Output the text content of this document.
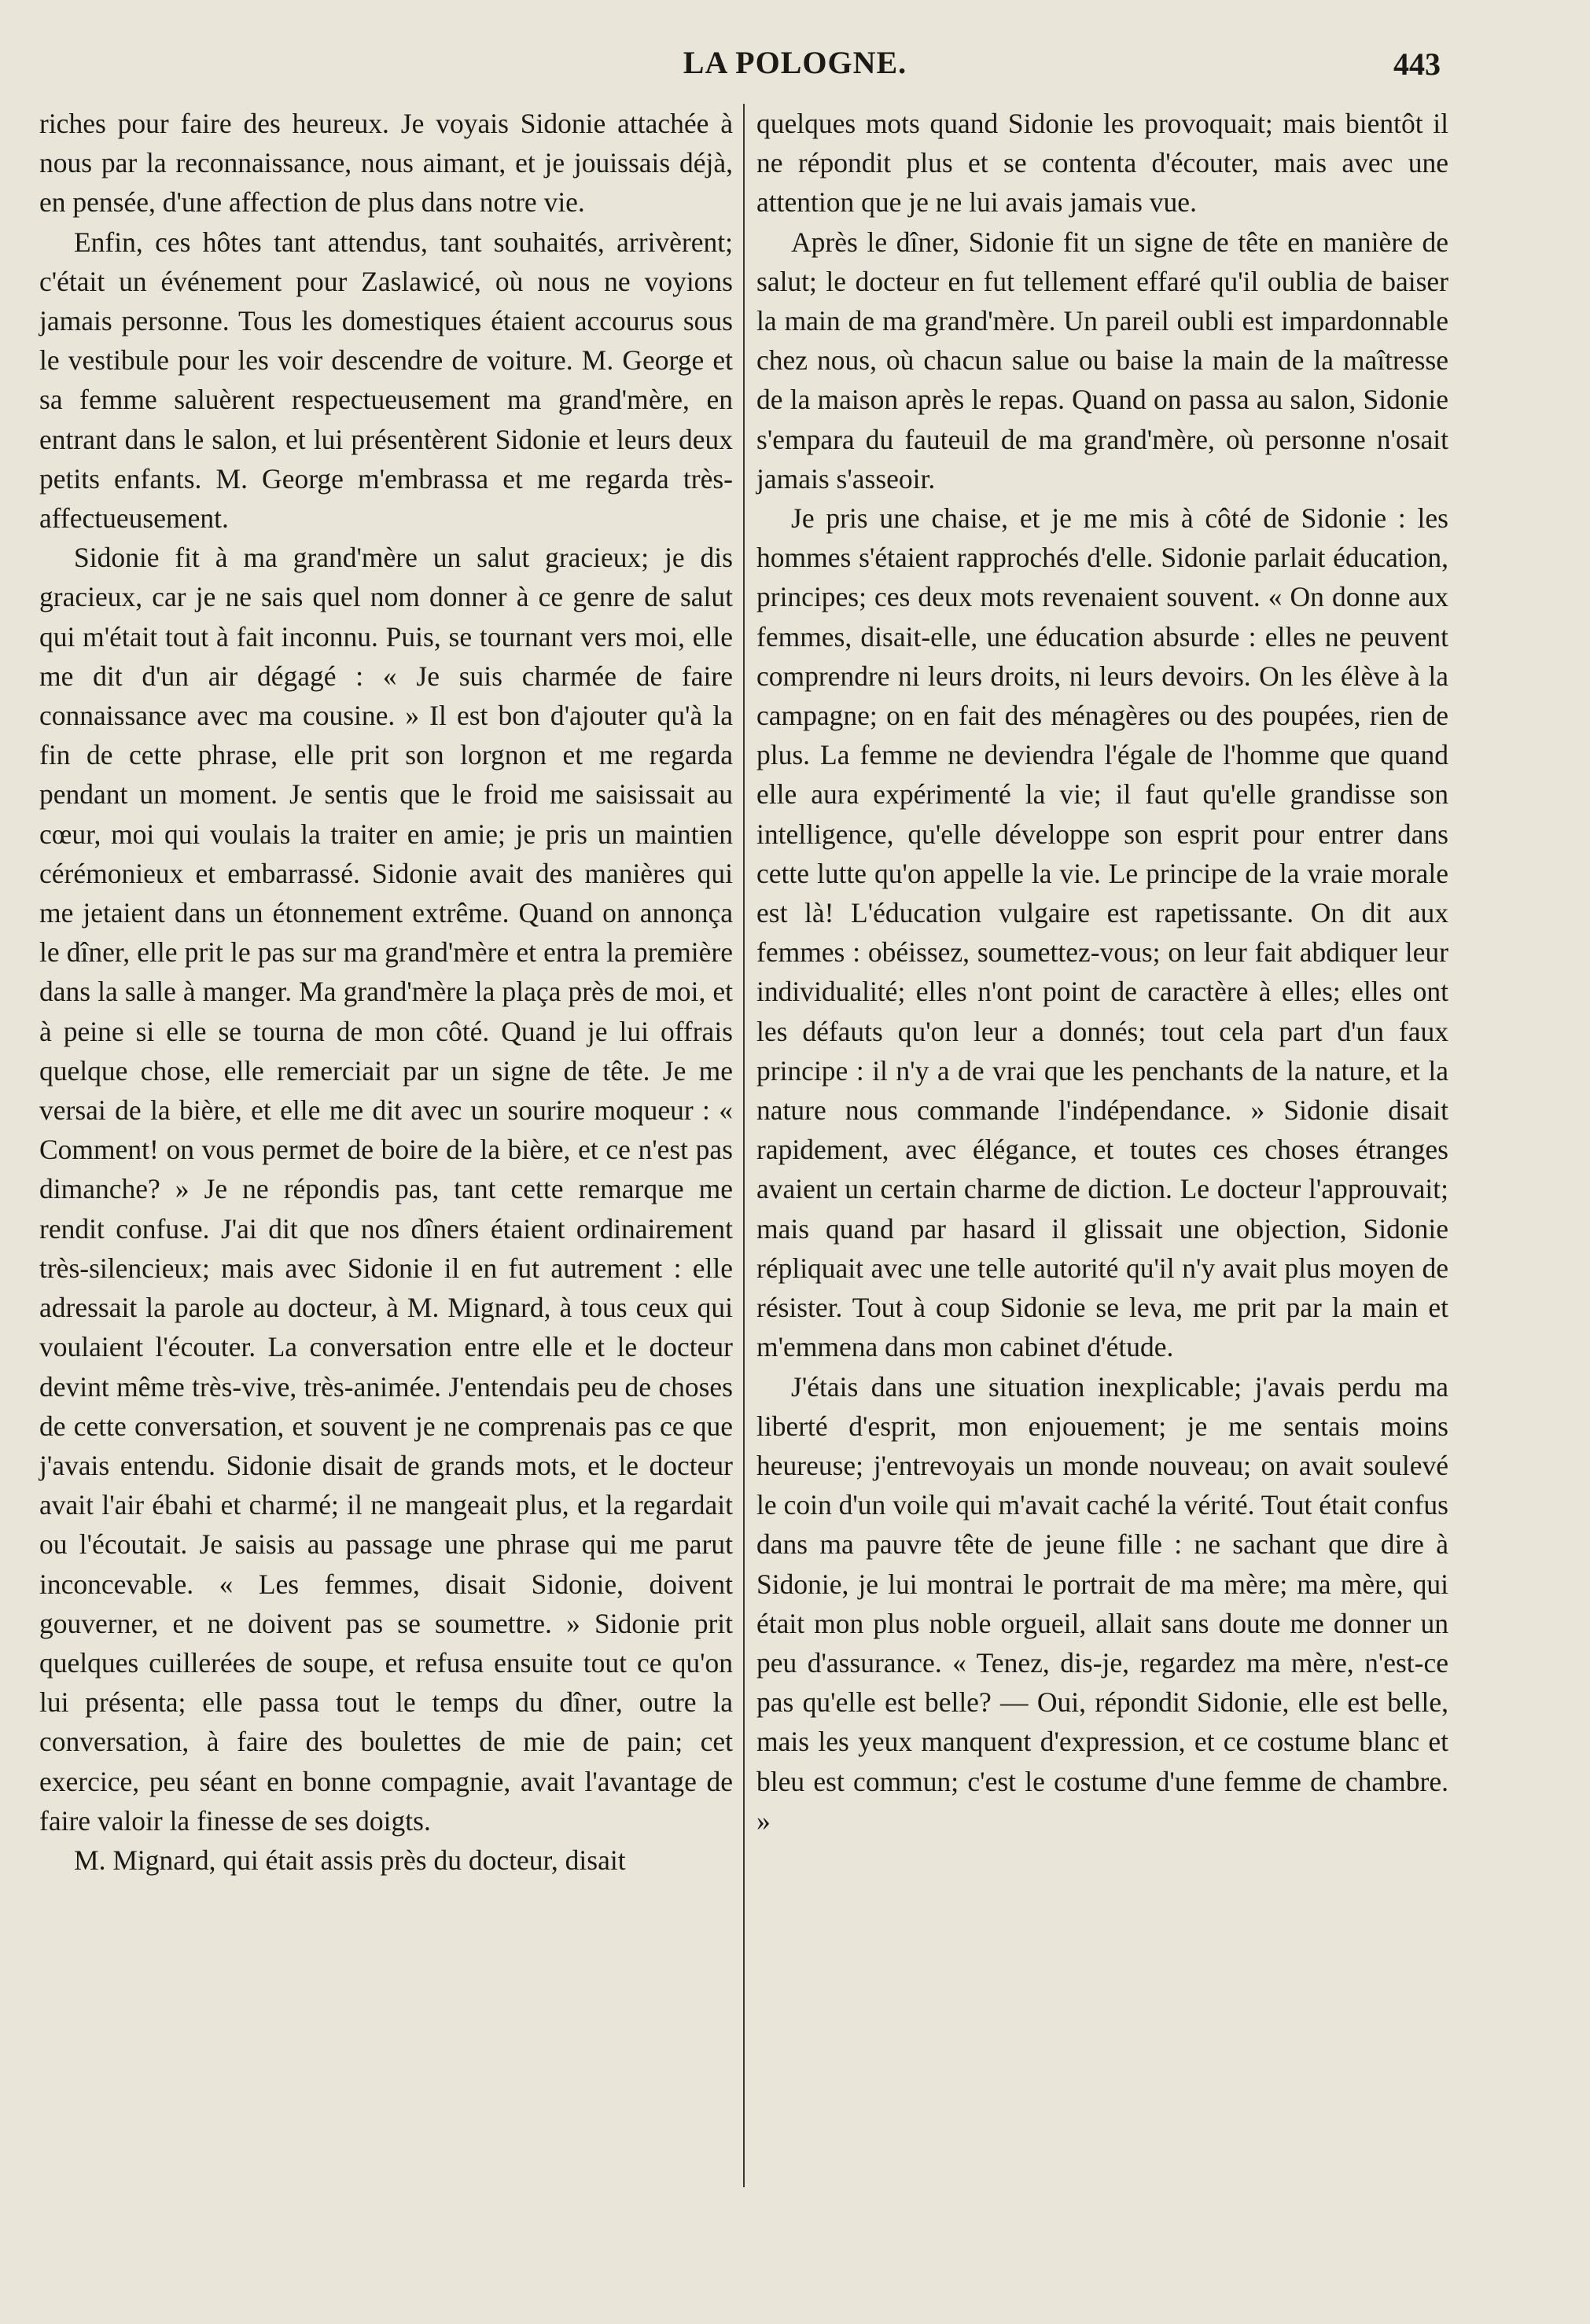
LA POLOGNE.	443

riches pour faire des heureux. Je voyais Sidonie attachée à nous par la reconnaissance, nous aimant, et je jouissais déjà, en pensée, d'une affection de plus dans notre vie.

Enfin, ces hôtes tant attendus, tant souhaités, arrivèrent; c'était un événement pour Zaslawicé, où nous ne voyions jamais personne. Tous les domestiques étaient accourus sous le vestibule pour les voir descendre de voiture. M. George et sa femme saluèrent respectueusement ma grand'mère, en entrant dans le salon, et lui présentèrent Sidonie et leurs deux petits enfants. M. George m'embrassa et me regarda très-affectueusement.

Sidonie fit à ma grand'mère un salut gracieux; je dis gracieux, car je ne sais quel nom donner à ce genre de salut qui m'était tout à fait inconnu. Puis, se tournant vers moi, elle me dit d'un air dégagé : « Je suis charmée de faire connaissance avec ma cousine. » Il est bon d'ajouter qu'à la fin de cette phrase, elle prit son lorgnon et me regarda pendant un moment. Je sentis que le froid me saisissait au cœur, moi qui voulais la traiter en amie; je pris un maintien cérémonieux et embarrassé. Sidonie avait des manières qui me jetaient dans un étonnement extrême. Quand on annonça le dîner, elle prit le pas sur ma grand'mère et entra la première dans la salle à manger. Ma grand'mère la plaça près de moi, et à peine si elle se tourna de mon côté. Quand je lui offrais quelque chose, elle remerciait par un signe de tête. Je me versai de la bière, et elle me dit avec un sourire moqueur : « Comment! on vous permet de boire de la bière, et ce n'est pas dimanche? » Je ne répondis pas, tant cette remarque me rendit confuse. J'ai dit que nos dîners étaient ordinairement très-silencieux; mais avec Sidonie il en fut autrement : elle adressait la parole au docteur, à M. Mignard, à tous ceux qui voulaient l'écouter. La conversation entre elle et le docteur devint même très-vive, très-animée. J'entendais peu de choses de cette conversation, et souvent je ne comprenais pas ce que j'avais entendu. Sidonie disait de grands mots, et le docteur avait l'air ébahi et charmé; il ne mangeait plus, et la regardait ou l'écoutait. Je saisis au passage une phrase qui me parut inconcevable. « Les femmes, disait Sidonie, doivent gouverner, et ne doivent pas se soumettre. » Sidonie prit quelques cuillerées de soupe, et refusa ensuite tout ce qu'on lui présenta; elle passa tout le temps du dîner, outre la conversation, à faire des boulettes de mie de pain; cet exercice, peu séant en bonne compagnie, avait l'avantage de faire valoir la finesse de ses doigts.

M. Mignard, qui était assis près du docteur, disait

quelques mots quand Sidonie les provoquait; mais bientôt il ne répondit plus et se contenta d'écouter, mais avec une attention que je ne lui avais jamais vue.

Après le dîner, Sidonie fit un signe de tête en manière de salut; le docteur en fut tellement effaré qu'il oublia de baiser la main de ma grand'mère. Un pareil oubli est impardonnable chez nous, où chacun salue ou baise la main de la maîtresse de la maison après le repas. Quand on passa au salon, Sidonie s'empara du fauteuil de ma grand'mère, où personne n'osait jamais s'asseoir.

Je pris une chaise, et je me mis à côté de Sidonie : les hommes s'étaient rapprochés d'elle. Sidonie parlait éducation, principes; ces deux mots revenaient souvent. « On donne aux femmes, disait-elle, une éducation absurde : elles ne peuvent comprendre ni leurs droits, ni leurs devoirs. On les élève à la campagne; on en fait des ménagères ou des poupées, rien de plus. La femme ne deviendra l'égale de l'homme que quand elle aura expérimenté la vie; il faut qu'elle grandisse son intelligence, qu'elle développe son esprit pour entrer dans cette lutte qu'on appelle la vie. Le principe de la vraie morale est là! L'éducation vulgaire est rapetissante. On dit aux femmes : obéissez, soumettez-vous; on leur fait abdiquer leur individualité; elles n'ont point de caractère à elles; elles ont les défauts qu'on leur a donnés; tout cela part d'un faux principe : il n'y a de vrai que les penchants de la nature, et la nature nous commande l'indépendance. » Sidonie disait rapidement, avec élégance, et toutes ces choses étranges avaient un certain charme de diction. Le docteur l'approuvait; mais quand par hasard il glissait une objection, Sidonie répliquait avec une telle autorité qu'il n'y avait plus moyen de résister. Tout à coup Sidonie se leva, me prit par la main et m'emmena dans mon cabinet d'étude.

J'étais dans une situation inexplicable; j'avais perdu ma liberté d'esprit, mon enjouement; je me sentais moins heureuse; j'entrevoyais un monde nouveau; on avait soulevé le coin d'un voile qui m'avait caché la vérité. Tout était confus dans ma pauvre tête de jeune fille : ne sachant que dire à Sidonie, je lui montrai le portrait de ma mère; ma mère, qui était mon plus noble orgueil, allait sans doute me donner un peu d'assurance. « Tenez, dis-je, regardez ma mère, n'est-ce pas qu'elle est belle? — Oui, répondit Sidonie, elle est belle, mais les yeux manquent d'expression, et ce costume blanc et bleu est commun; c'est le costume d'une femme de chambre. »
